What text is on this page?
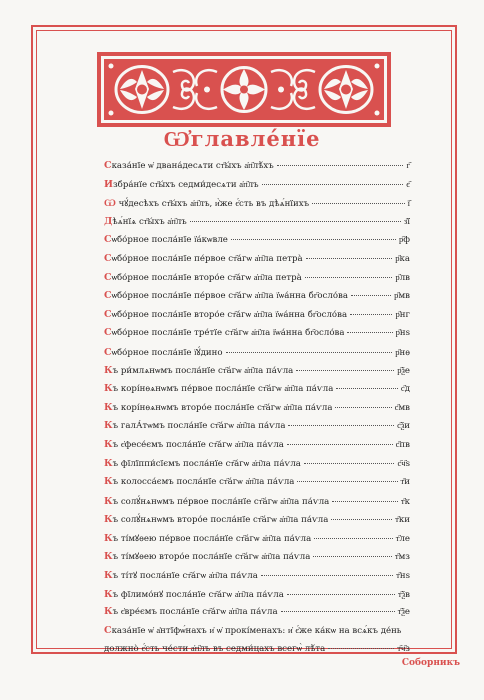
Ѡ҆главле́нїе
Сказа́нїе ѡ҆ двана́десѧти ст҃ы́хъ а҆п҃лѣ́хъ	г҃
Избра́нїе ст҃ы́хъ седми́десѧти а҆п҃лъ	є҃
Ѡ чꙋ́десѣхъ ст҃ы́хъ а҆п҃лъ, и҆̀же є҆́сть въ дѣѧ́нїихъ	ї҃
Дѣѧ́нїѧ ст҃ы́хъ а҆п҃лъ	з҃ї
Сѡбо́рное посла́нїе ї҆а́кѡвле	р҃ф
Сѡбо́рное посла́нїе пе́рвое ст҃а́гѡ а҆п҃ла петра̀	р҃ка
Сѡбо́рное посла́нїе второ́е ст҃а́гѡ а҆п҃ла петра̀	р҃лв
Сѡбо́рное посла́нїе пе́рвое ст҃а́гѡ а҆п҃ла ї҆ѡа́нна бг҃осло́ва	р҃мв
Сѡбо́рное посла́нїе второ́е ст҃а́гѡ а҆п҃ла ї҆ѡа́нна бг҃осло́ва	р҃нг
Сѡбо́рное посла́нїе тре́тїе ст҃а́гѡ а҆п҃ла ї҆ѡа́нна бг҃осло́ва	р҃нѕ
Сѡбо́рное посла́нїе ї҆ꙋ́дино	р҃нѳ
Къ ри́млѧнѡмъ посла́нїе ст҃а́гѡ а҆п҃ла па́ѵла	р҃ѯе
Къ корі́нѳѧнѡмъ пе́рвое посла́нїе ст҃а́гѡ а҆п҃ла па́ѵла	с҃д
Къ корі́нѳѧнѡмъ второ́е посла́нїе ст҃а́гѡ а҆п҃ла па́ѵла	с҃мв
Къ галА́тѡмъ посла́нїе ст҃а́гѡ а҆п҃ла па́ѵла	с҃ѯи
Къ є҆фесе́ємъ посла́нїе ст҃а́гѡ а҆п҃ла па́ѵла	с҃пв
Къ фїлїппи́сїємъ посла́нїе ст҃а́гѡ а҆п҃ла па́ѵла	с҃ч҃ѕ
Къ колосса́ємъ посла́нїе ст҃а́гѡ а҆п҃ла па́ѵла	т҃и
Къ солꙋ́нѧнѡмъ пе́рвое посла́нїе ст҃а́гѡ а҆п҃ла па́ѵла	т҃к
Къ солꙋ́нѧнѡмъ второ́е посла́нїе ст҃а́гѡ а҆п҃ла па́ѵла	т҃ки
Къ ті́мꙋѳею пе́рвое посла́нїе ст҃а́гѡ а҆п҃ла па́ѵла	т҃ле
Къ ті́мꙋѳею второ́е посла́нїе ст҃а́гѡ а҆п҃ла па́ѵла	т҃мз
Къ ті́тꙋ посла́нїе ст҃а́гѡ а҆п҃ла па́ѵла	т҃нѕ
Къ фїлимо́нꙋ посла́нїе ст҃а́гѡ а҆п҃ла па́ѵла	т҃ѯв
Къ є҆вре́ємъ посла́нїе ст҃а́гѡ а҆п҃ла па́ѵла	т҃ѯе
Сказа́нїе ѡ҆ а҆нтїфѡ́нахъ и҆ ѡ҆ прокі́менахъ: и҆ є҆́же ка́кѡ на всѧ́къ де́нь
должно̀ є҆́сть че́сти а҆п҃лъ въ седми́цахъ всегѡ̀ лѣ́та	т҃ч҃з
Соборникъ
